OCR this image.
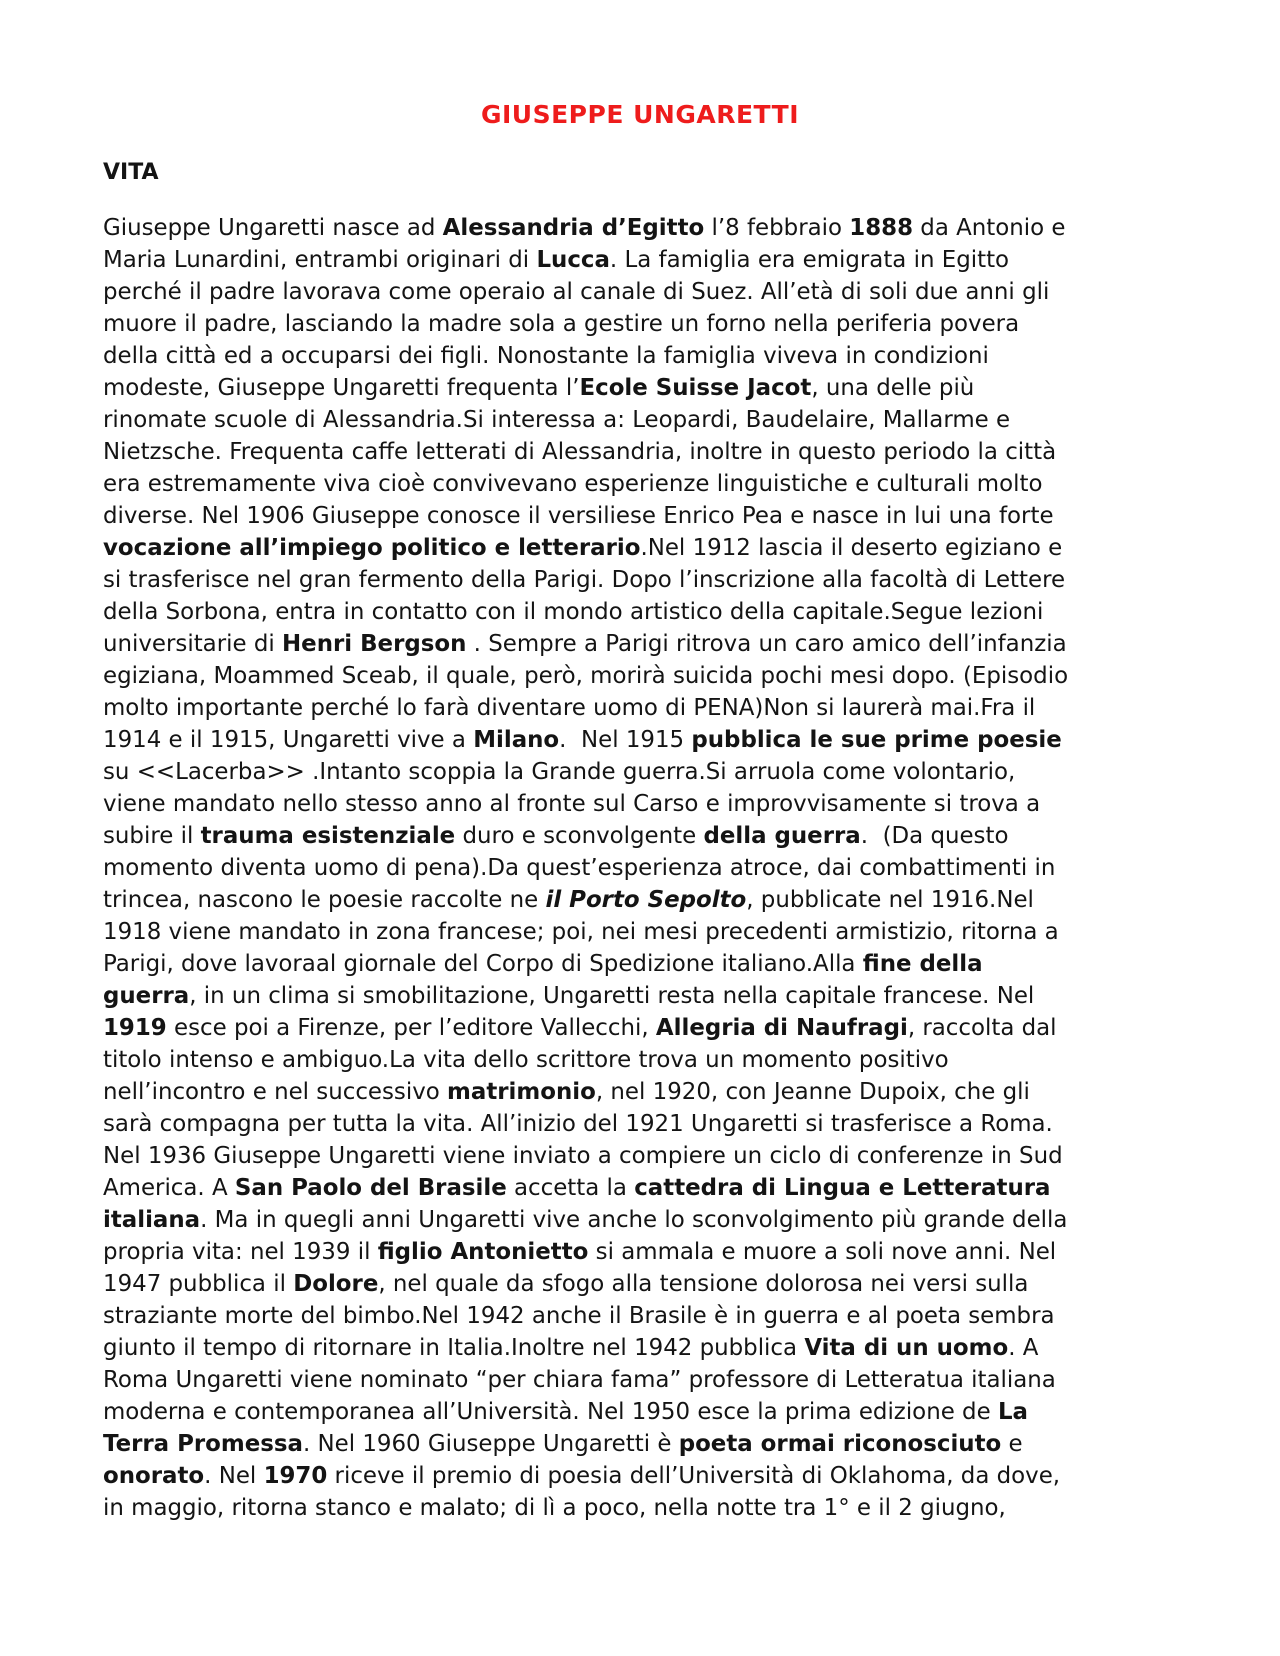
GIUSEPPE UNGARETTI
VITA
Giuseppe Ungaretti nasce ad Alessandria d’Egitto l’8 febbraio 1888 da Antonio e
Maria Lunardini, entrambi originari di Lucca. La famiglia era emigrata in Egitto
perché il padre lavorava come operaio al canale di Suez. All’età di soli due anni gli
muore il padre, lasciando la madre sola a gestire un forno nella periferia povera
della città ed a occuparsi dei figli. Nonostante la famiglia viveva in condizioni
modeste, Giuseppe Ungaretti frequenta l’Ecole Suisse Jacot, una delle più
rinomate scuole di Alessandria.Si interessa a: Leopardi, Baudelaire, Mallarme e
Nietzsche. Frequenta caffe letterati di Alessandria, inoltre in questo periodo la città
era estremamente viva cioè convivevano esperienze linguistiche e culturali molto
diverse. Nel 1906 Giuseppe conosce il versiliese Enrico Pea e nasce in lui una forte
vocazione all’impiego politico e letterario.Nel 1912 lascia il deserto egiziano e
si trasferisce nel gran fermento della Parigi. Dopo l’inscrizione alla facoltà di Lettere
della Sorbona, entra in contatto con il mondo artistico della capitale.Segue lezioni
universitarie di Henri Bergson . Sempre a Parigi ritrova un caro amico dell’infanzia
egiziana, Moammed Sceab, il quale, però, morirà suicida pochi mesi dopo. (Episodio
molto importante perché lo farà diventare uomo di PENA)Non si laurerà mai.Fra il
1914 e il 1915, Ungaretti vive a Milano.  Nel 1915 pubblica le sue prime poesie
su <<Lacerba>> .Intanto scoppia la Grande guerra.Si arruola come volontario,
viene mandato nello stesso anno al fronte sul Carso e improvvisamente si trova a
subire il trauma esistenziale duro e sconvolgente della guerra.  (Da questo
momento diventa uomo di pena).Da quest’esperienza atroce, dai combattimenti in
trincea, nascono le poesie raccolte ne il Porto Sepolto, pubblicate nel 1916.Nel
1918 viene mandato in zona francese; poi, nei mesi precedenti armistizio, ritorna a
Parigi, dove lavoraal giornale del Corpo di Spedizione italiano.Alla fine della
guerra, in un clima si smobilitazione, Ungaretti resta nella capitale francese. Nel
1919 esce poi a Firenze, per l’editore Vallecchi, Allegria di Naufragi, raccolta dal
titolo intenso e ambiguo.La vita dello scrittore trova un momento positivo
nell’incontro e nel successivo matrimonio, nel 1920, con Jeanne Dupoix, che gli
sarà compagna per tutta la vita. All’inizio del 1921 Ungaretti si trasferisce a Roma.
Nel 1936 Giuseppe Ungaretti viene inviato a compiere un ciclo di conferenze in Sud
America. A San Paolo del Brasile accetta la cattedra di Lingua e Letteratura
italiana. Ma in quegli anni Ungaretti vive anche lo sconvolgimento più grande della
propria vita: nel 1939 il figlio Antonietto si ammala e muore a soli nove anni. Nel
1947 pubblica il Dolore, nel quale da sfogo alla tensione dolorosa nei versi sulla
straziante morte del bimbo.Nel 1942 anche il Brasile è in guerra e al poeta sembra
giunto il tempo di ritornare in Italia.Inoltre nel 1942 pubblica Vita di un uomo. A
Roma Ungaretti viene nominato “per chiara fama” professore di Letteratua italiana
moderna e contemporanea all’Università. Nel 1950 esce la prima edizione de La
Terra Promessa. Nel 1960 Giuseppe Ungaretti è poeta ormai riconosciuto e
onorato. Nel 1970 riceve il premio di poesia dell’Università di Oklahoma, da dove,
in maggio, ritorna stanco e malato; di lì a poco, nella notte tra 1° e il 2 giugno,
